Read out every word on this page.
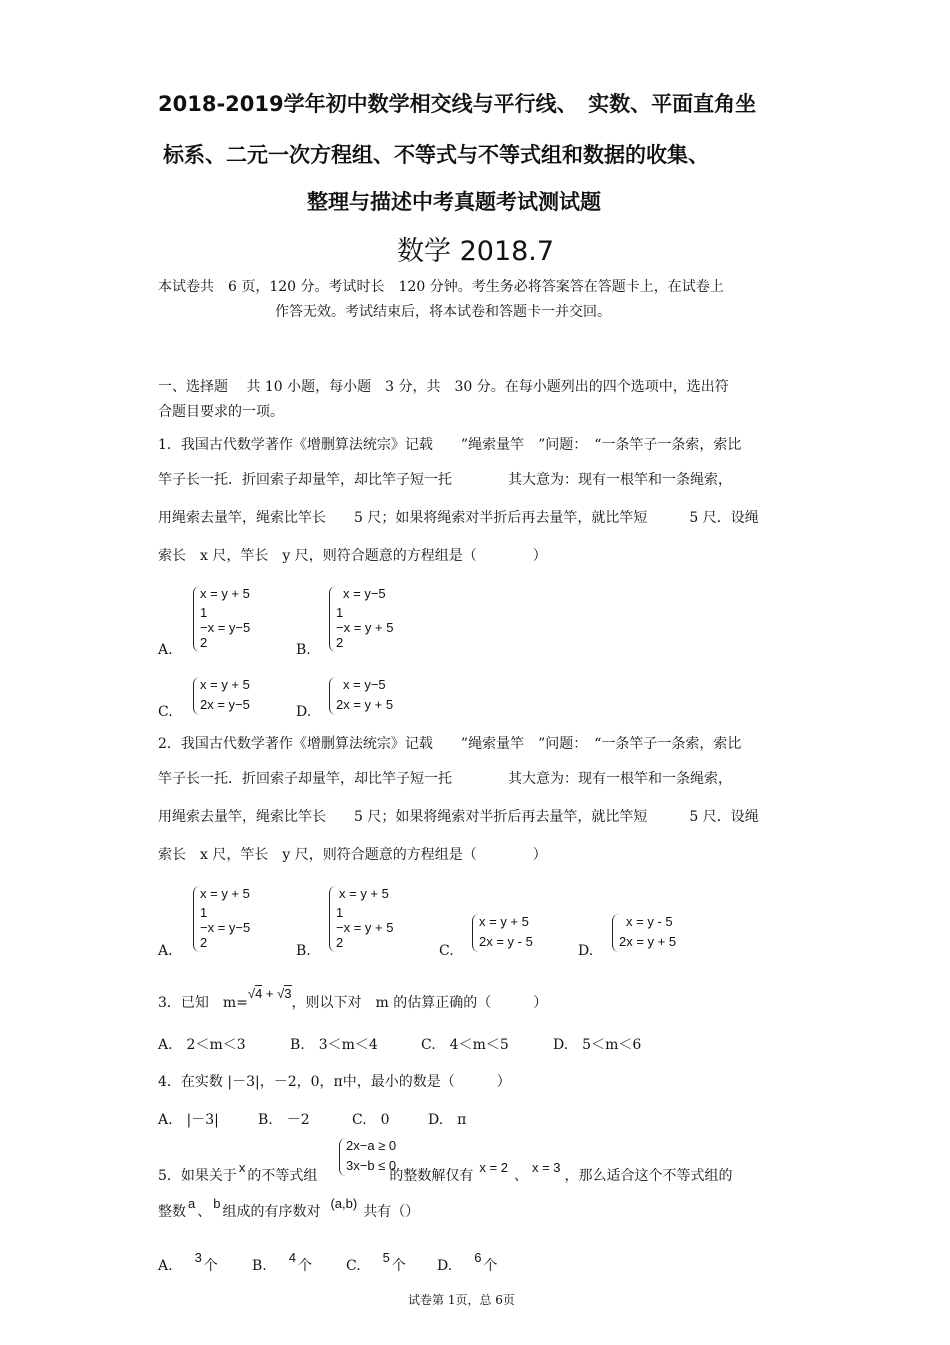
2018-2019学年初中数学相交线与平行线、　实数、平面直角坐
标系、二元一次方程组、不等式与不等式组和数据的收集、
整理与描述中考真题考试测试题
数学 2018.7
本试卷共　6 页，120 分。考试时长　120 分钟。考生务必将答案答在答题卡上，在试卷上
作答无效。考试结束后，将本试卷和答题卡一并交回。
一、选择题　 共 10 小题，每小题　3 分，共　30 分。在每小题列出的四个选项中，选出符
合题目要求的一项。
1．我国古代数学著作《增删算法统宗》记载　　”绳索量竿　”问题：　“一条竿子一条索，索比
竿子长一托．折回索子却量竿，却比竿子短一托　　　　其大意为：现有一根竿和一条绳索，
用绳索去量竿，绳索比竿长　　5 尺；如果将绳索对半折后再去量竿，就比竿短　　　5 尺．设绳
索长　x 尺，竿长　y 尺，则符合题意的方程组是（　　　　）
A.
x = y + 5
1
−x = y−5
2	B.
x = y−5
1
−x = y + 5
2
C.
x = y + 5
2x = y−5	D.
x = y−5
2x = y + 5
2．我国古代数学著作《增删算法统宗》记载　　”绳索量竿　”问题：　“一条竿子一条索，索比
竿子长一托．折回索子却量竿，却比竿子短一托　　　　其大意为：现有一根竿和一条绳索，
用绳索去量竿，绳索比竿长　　5 尺；如果将绳索对半折后再去量竿，就比竿短　　　5 尺．设绳
索长　x 尺，竿长　y 尺，则符合题意的方程组是（　　　　）
A.
x = y + 5
1
−x = y−5
2
B.
x = y + 5
1
−x = y + 5
2
C.
x = y + 5
2x = y - 5
D.
x = y - 5
2x = y + 5
3．已知　m=√4 + √3，则以下对　m 的估算正确的（　　　）
A.　2＜m＜3	B.　3＜m＜4	C.　4＜m＜5	D.　5＜m＜6
4．在实数 |－3|，－2，0，π中，最小的数是（　　　）
A.　|－3|	B.　－2	C.　0	D.　π
5．如果关于x的不等式组	的整数解仅有x = 2、x = 3，那么适合这个不等式组的
2x−a ≥ 0
3x−b ≤ 0
整数a、b组成的有序数对(a,b)共有（）
A.3个 B.4个 C.5个 D.6个
试卷第 1页，总 6页
